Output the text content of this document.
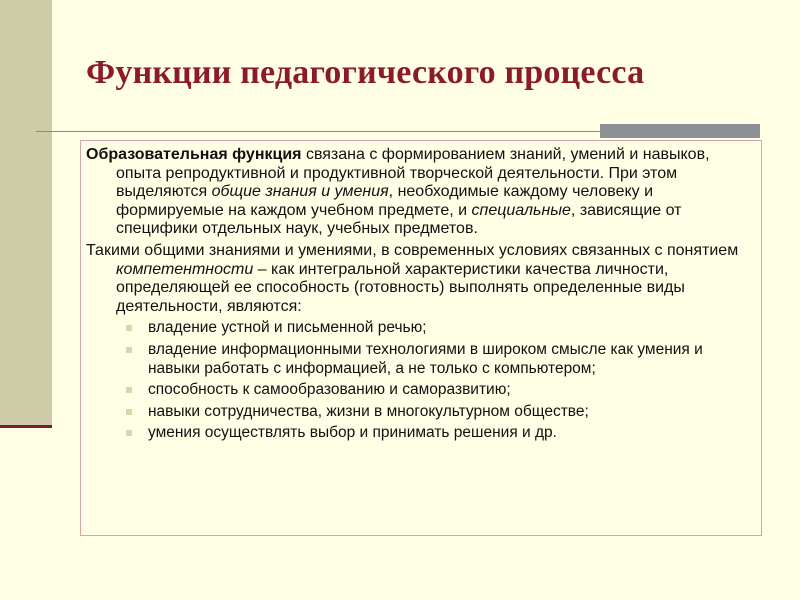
Функции педагогического процесса

Образовательная функция связана с формированием знаний, умений и навыков, опыта репродуктивной и продуктивной творческой деятельности. При этом выделяются общие знания и умения, необходимые каждому человеку и формируемые на каждом учебном предмете, и специальные, зависящие от специфики отдельных наук, учебных предметов.

Такими общими знаниями и умениями, в современных условиях связанных с понятием компетентности – как интегральной характеристики качества личности, определяющей ее способность (готовность) выполнять определенные виды деятельности, являются:

владение устной и письменной речью;
владение информационными технологиями в широком смысле как умения и навыки работать с информацией, а не только с компьютером;
способность к самообразованию и саморазвитию;
навыки сотрудничества, жизни в многокультурном обществе;
умения осуществлять выбор и принимать решения и др.
